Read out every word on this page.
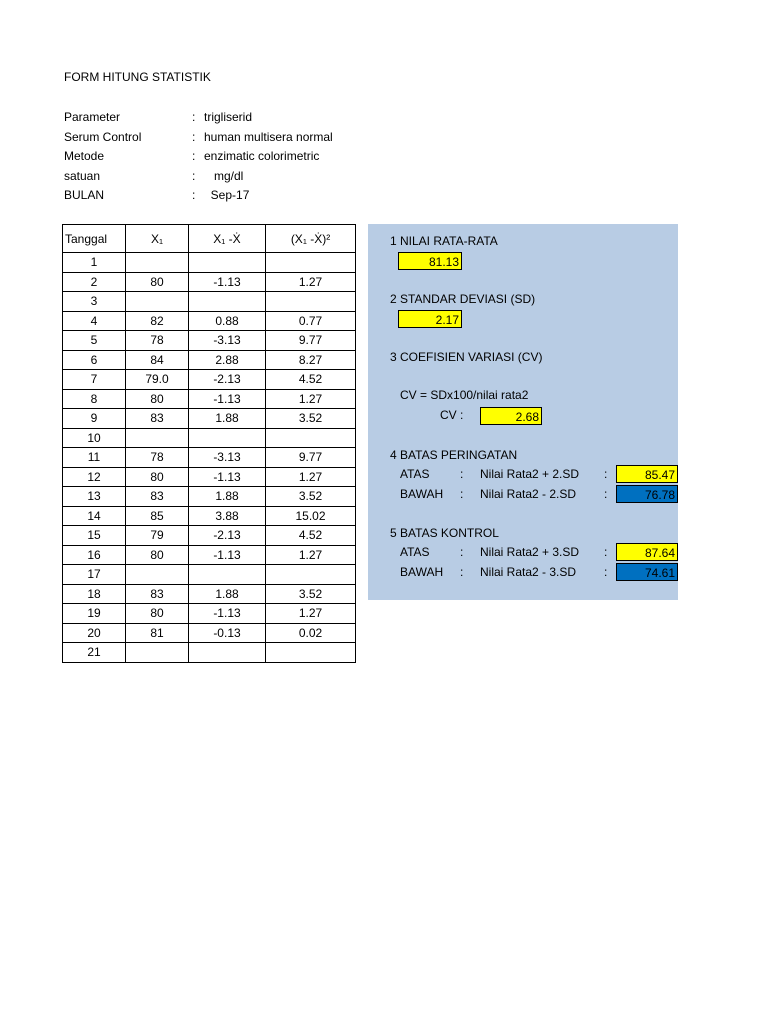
FORM HITUNG STATISTIK
Parameter	: trigliserid
Serum Control	: human multisera normal
Metode	: enzimatic colorimetric
satuan	: mg/dl
BULAN	: Sep-17
Tanggal	X₁	X₁ -Ẋ	(X₁ -Ẋ)²
1			
2	80	-1.13	1.27
3			
4	82	0.88	0.77
5	78	-3.13	9.77
6	84	2.88	8.27
7	79.0	-2.13	4.52
8	80	-1.13	1.27
9	83	1.88	3.52
10			
11	78	-3.13	9.77
12	80	-1.13	1.27
13	83	1.88	3.52
14	85	3.88	15.02
15	79	-2.13	4.52
16	80	-1.13	1.27
17			
18	83	1.88	3.52
19	80	-1.13	1.27
20	81	-0.13	0.02
21			
1 NILAI RATA-RATA
81.13
2 STANDAR DEVIASI (SD)
2.17
3 COEFISIEN VARIASI (CV)
CV = SDx100/nilai rata2
CV :	2.68
4 BATAS PERINGATAN
ATAS	: Nilai Rata2 + 2.SD :	85.47
BAWAH : Nilai Rata2 - 2.SD :	76.78
5 BATAS KONTROL
ATAS	: Nilai Rata2 + 3.SD :	87.64
BAWAH : Nilai Rata2 - 3.SD :	74.61
